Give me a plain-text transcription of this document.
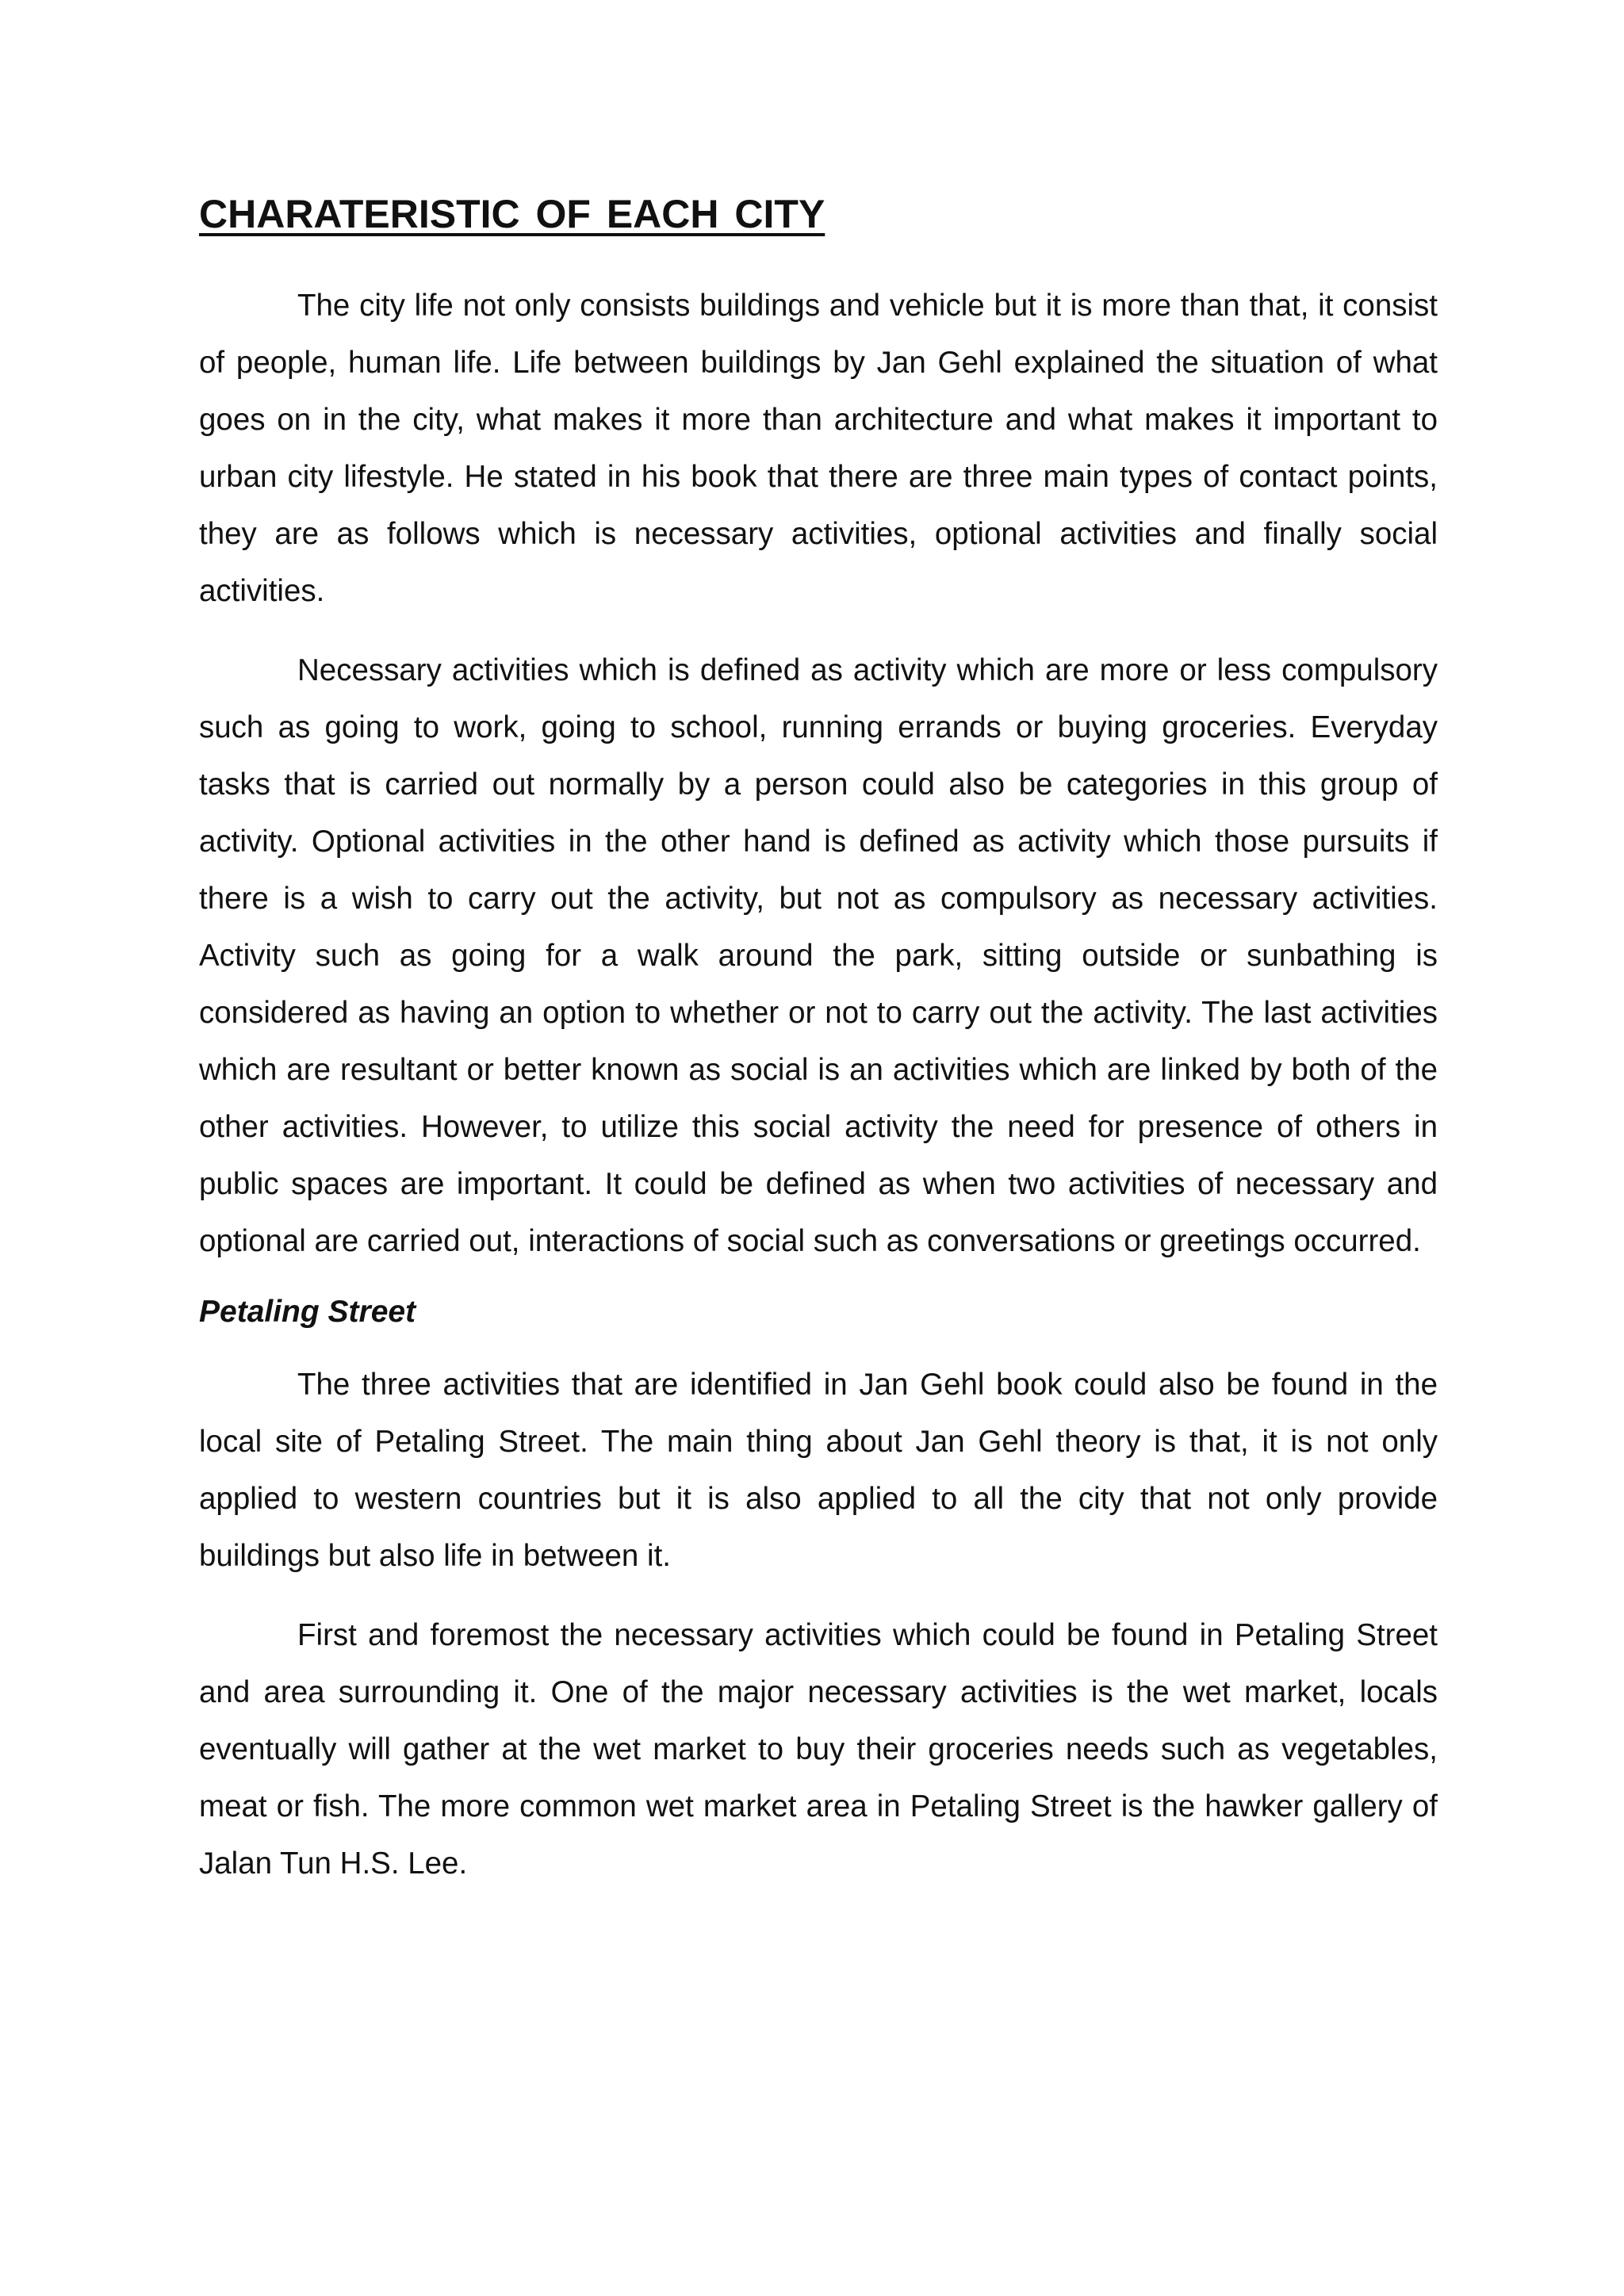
CHARATERISTIC OF EACH CITY

The city life not only consists buildings and vehicle but it is more than that, it consist of people, human life. Life between buildings by Jan Gehl explained the situation of what goes on in the city, what makes it more than architecture and what makes it important to urban city lifestyle. He stated in his book that there are three main types of contact points, they are as follows which is necessary activities, optional activities and finally social activities.

Necessary activities which is defined as activity which are more or less compulsory such as going to work, going to school, running errands or buying groceries. Everyday tasks that is carried out normally by a person could also be categories in this group of activity. Optional activities in the other hand is defined as activity which those pursuits if there is a wish to carry out the activity, but not as compulsory as necessary activities. Activity such as going for a walk around the park, sitting outside or sunbathing is considered as having an option to whether or not to carry out the activity. The last activities which are resultant or better known as social is an activities which are linked by both of the other activities. However, to utilize this social activity the need for presence of others in public spaces are important. It could be defined as when two activities of necessary and optional are carried out, interactions of social such as conversations or greetings occurred.

Petaling Street

The three activities that are identified in Jan Gehl book could also be found in the local site of Petaling Street. The main thing about Jan Gehl theory is that, it is not only applied to western countries but it is also applied to all the city that not only provide buildings but also life in between it.

First and foremost the necessary activities which could be found in Petaling Street and area surrounding it. One of the major necessary activities is the wet market, locals eventually will gather at the wet market to buy their groceries needs such as vegetables, meat or fish. The more common wet market area in Petaling Street is the hawker gallery of Jalan Tun H.S. Lee.
